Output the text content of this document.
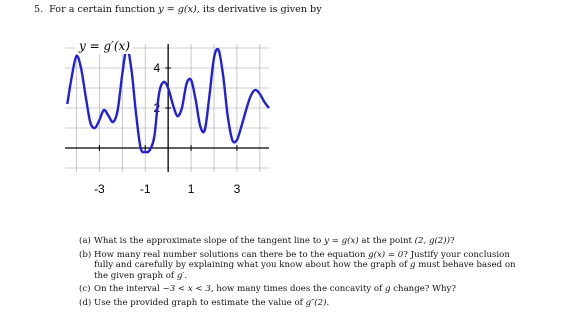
5. For a certain function y = g(x), its derivative is given by
-3	-1	1	3
2
4
y = g′(x)
(a) What is the approximate slope of the tangent line to y = g(x) at the point (2, g(2))?
(b) How many real number solutions can there be to the equation g(x) = 0? Justify your conclusion fully and carefully by explaining what you know about how the graph of g must behave based on the given graph of g′.
(c) On the interval −3 < x < 3, how many times does the concavity of g change? Why?
(d) Use the provided graph to estimate the value of g″(2).
